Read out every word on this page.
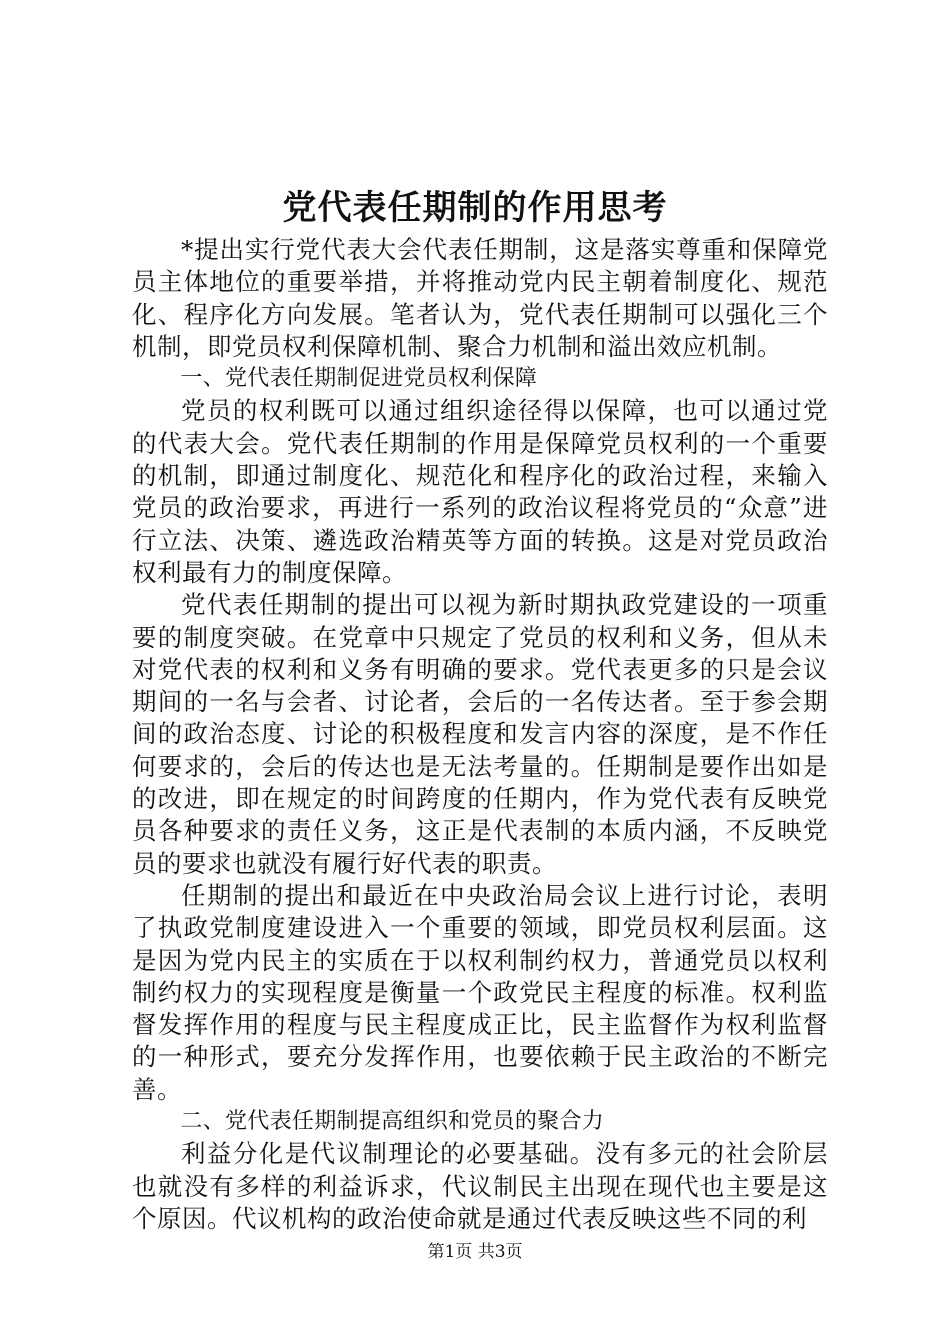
党代表任期制的作用思考

*提出实行党代表大会代表任期制，这是落实尊重和保障党员主体地位的重要举措，并将推动党内民主朝着制度化、规范化、程序化方向发展。笔者认为，党代表任期制可以强化三个机制，即党员权利保障机制、聚合力机制和溢出效应机制。

一、党代表任期制促进党员权利保障

党员的权利既可以通过组织途径得以保障，也可以通过党的代表大会。党代表任期制的作用是保障党员权利的一个重要的机制，即通过制度化、规范化和程序化的政治过程，来输入党员的政治要求，再进行一系列的政治议程将党员的“众意”进行立法、决策、遴选政治精英等方面的转换。这是对党员政治权利最有力的制度保障。

党代表任期制的提出可以视为新时期执政党建设的一项重要的制度突破。在党章中只规定了党员的权利和义务，但从未对党代表的权利和义务有明确的要求。党代表更多的只是会议期间的一名与会者、讨论者，会后的一名传达者。至于参会期间的政治态度、讨论的积极程度和发言内容的深度，是不作任何要求的，会后的传达也是无法考量的。任期制是要作出如是的改进，即在规定的时间跨度的任期内，作为党代表有反映党员各种要求的责任义务，这正是代表制的本质内涵，不反映党员的要求也就没有履行好代表的职责。

任期制的提出和最近在中央政治局会议上进行讨论，表明了执政党制度建设进入一个重要的领域，即党员权利层面。这是因为党内民主的实质在于以权利制约权力，普通党员以权利制约权力的实现程度是衡量一个政党民主程度的标准。权利监督发挥作用的程度与民主程度成正比，民主监督作为权利监督的一种形式，要充分发挥作用，也要依赖于民主政治的不断完善。

二、党代表任期制提高组织和党员的聚合力

利益分化是代议制理论的必要基础。没有多元的社会阶层也就没有多样的利益诉求，代议制民主出现在现代也主要是这个原因。代议机构的政治使命就是通过代表反映这些不同的利

第1页 共3页
